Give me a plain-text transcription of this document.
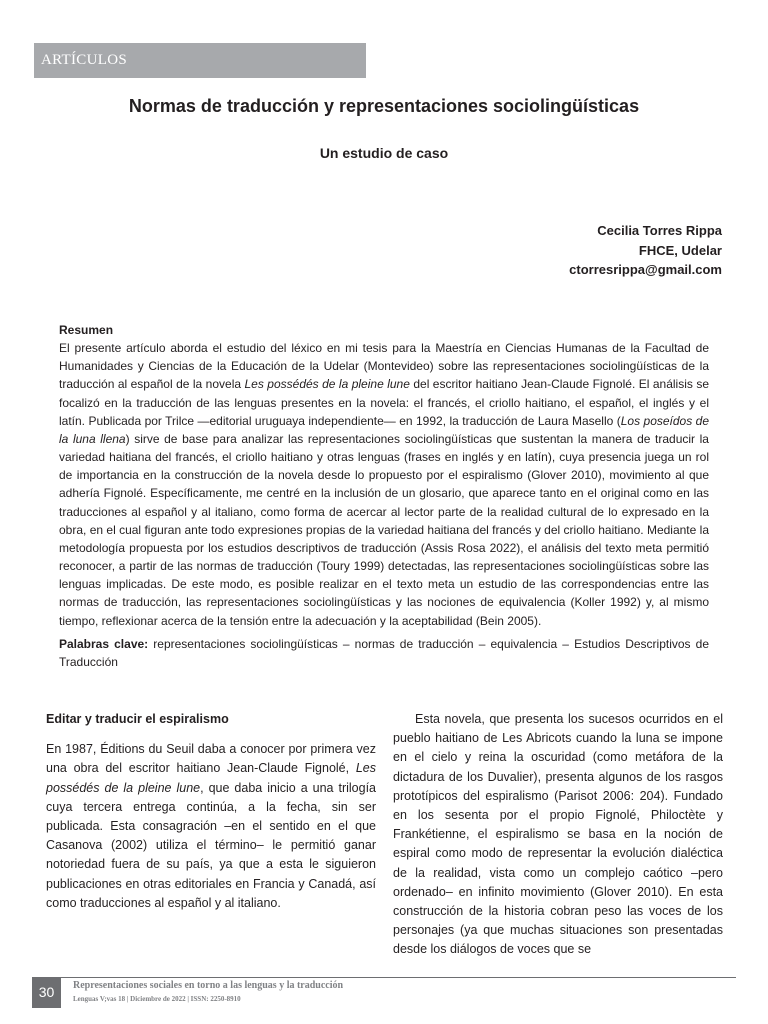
ARTÍCULOS
Normas de traducción y representaciones sociolingüísticas
Un estudio de caso
Cecilia Torres Rippa
FHCE, Udelar
ctorresrippa@gmail.com

Resumen

El presente artículo aborda el estudio del léxico en mi tesis para la Maestría en Ciencias Humanas de la Facultad de Humanidades y Ciencias de la Educación de la Udelar (Montevideo) sobre las representaciones sociolingüísticas de la traducción al español de la novela Les possédés de la pleine lune del escritor haitiano Jean-Claude Fignolé. El análisis se focalizó en la traducción de las lenguas presentes en la novela: el francés, el criollo haitiano, el español, el inglés y el latín. Publicada por Trilce —editorial uruguaya independiente— en 1992, la traducción de Laura Masello (Los poseídos de la luna llena) sirve de base para analizar las representaciones sociolingüísticas que sustentan la manera de traducir la variedad haitiana del francés, el criollo haitiano y otras lenguas (frases en inglés y en latín), cuya presencia juega un rol de importancia en la construcción de la novela desde lo propuesto por el espiralismo (Glover 2010), movimiento al que adhería Fignolé. Específicamente, me centré en la inclusión de un glosario, que aparece tanto en el original como en las traducciones al español y al italiano, como forma de acercar al lector parte de la realidad cultural de lo expresado en la obra, en el cual figuran ante todo expresiones propias de la variedad haitiana del francés y del criollo haitiano. Mediante la metodología propuesta por los estudios descriptivos de traducción (Assis Rosa 2022), el análisis del texto meta permitió reconocer, a partir de las normas de traducción (Toury 1999) detectadas, las representaciones sociolingüísticas sobre las lenguas implicadas. De este modo, es posible realizar en el texto meta un estudio de las correspondencias entre las normas de traducción, las representaciones sociolingüísticas y las nociones de equivalencia (Koller 1992) y, al mismo tiempo, reflexionar acerca de la tensión entre la adecuación y la aceptabilidad (Bein 2005).

Palabras clave: representaciones sociolingüísticas – normas de traducción – equivalencia – Estudios Descriptivos de Traducción

Editar y traducir el espiralismo

En 1987, Éditions du Seuil daba a conocer por primera vez una obra del escritor haitiano Jean-Claude Fignolé, Les possédés de la pleine lune, que daba inicio a una trilogía cuya tercera entrega continúa, a la fecha, sin ser publicada. Esta consagración –en el sentido en el que Casanova (2002) utiliza el término– le permitió ganar notoriedad fuera de su país, ya que a esta le siguieron publicaciones en otras editoriales en Francia y Canadá, así como traducciones al español y al italiano.

Esta novela, que presenta los sucesos ocurridos en el pueblo haitiano de Les Abricots cuando la luna se impone en el cielo y reina la oscuridad (como metáfora de la dictadura de los Duvalier), presenta algunos de los rasgos prototípicos del espiralismo (Parisot 2006: 204). Fundado en los sesenta por el propio Fignolé, Philoctète y Frankétienne, el espiralismo se basa en la noción de espiral como modo de representar la evolución dialéctica de la realidad, vista como un complejo caótico –pero ordenado– en infinito movimiento (Glover 2010). En esta construcción de la historia cobran peso las voces de los personajes (ya que muchas situaciones son presentadas desde los diálogos de voces que se

30	Representaciones sociales en torno a las lenguas y la traducción
Lenguas V;vas 18 | Diciembre de 2022 | ISSN: 2250-8910
